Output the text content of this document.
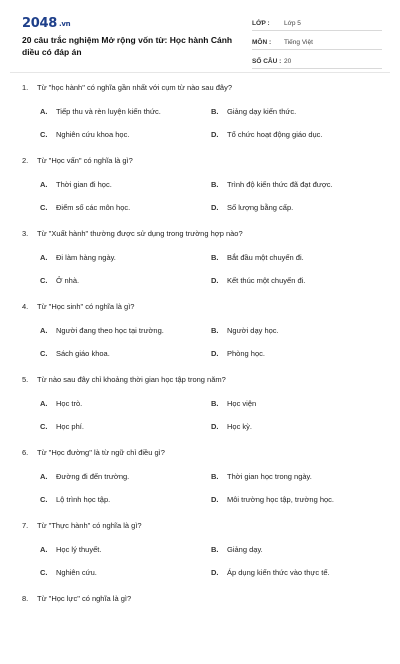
2048 .vn
20 câu trắc nghiệm Mở rộng vốn từ: Học hành Cánh diều có đáp án
LỚP :	Lớp 5
MÔN :	Tiếng Việt
SỐ CÂU : 20
1.	Từ "học hành" có nghĩa gần nhất với cụm từ nào sau đây?
A.	Tiếp thu và rèn luyện kiến thức.	B.	Giảng dạy kiến thức.
C.	Nghiên cứu khoa học.	D.	Tổ chức hoạt động giáo dục.
2.	Từ "Học vấn" có nghĩa là gì?
A.	Thời gian đi học.	B.	Trình độ kiến thức đã đạt được.
C.	Điểm số các môn học.	D.	Số lượng bằng cấp.
3.	Từ "Xuất hành" thường được sử dụng trong trường hợp nào?
A.	Đi làm hàng ngày.	B.	Bắt đầu một chuyến đi.
C.	Ở nhà.	D.	Kết thúc một chuyến đi.
4.	Từ "Học sinh" có nghĩa là gì?
A.	Người đang theo học tại trường.	B.	Người dạy học.
C.	Sách giáo khoa.	D.	Phòng học.
5.	Từ nào sau đây chỉ khoảng thời gian học tập trong năm?
A.	Học trò.	B.	Học viện
C.	Học phí.	D.	Học kỳ.
6.	Từ "Học đường" là từ ngữ chỉ điều gì?
A.	Đường đi đến trường.	B.	Thời gian học trong ngày.
C.	Lộ trình học tập.	D.	Môi trường học tập, trường học.
7.	Từ "Thực hành" có nghĩa là gì?
A.	Học lý thuyết.	B.	Giảng dạy.
C.	Nghiên cứu.	D.	Áp dụng kiến thức vào thực tế.
8.	Từ "Học lực" có nghĩa là gì?
